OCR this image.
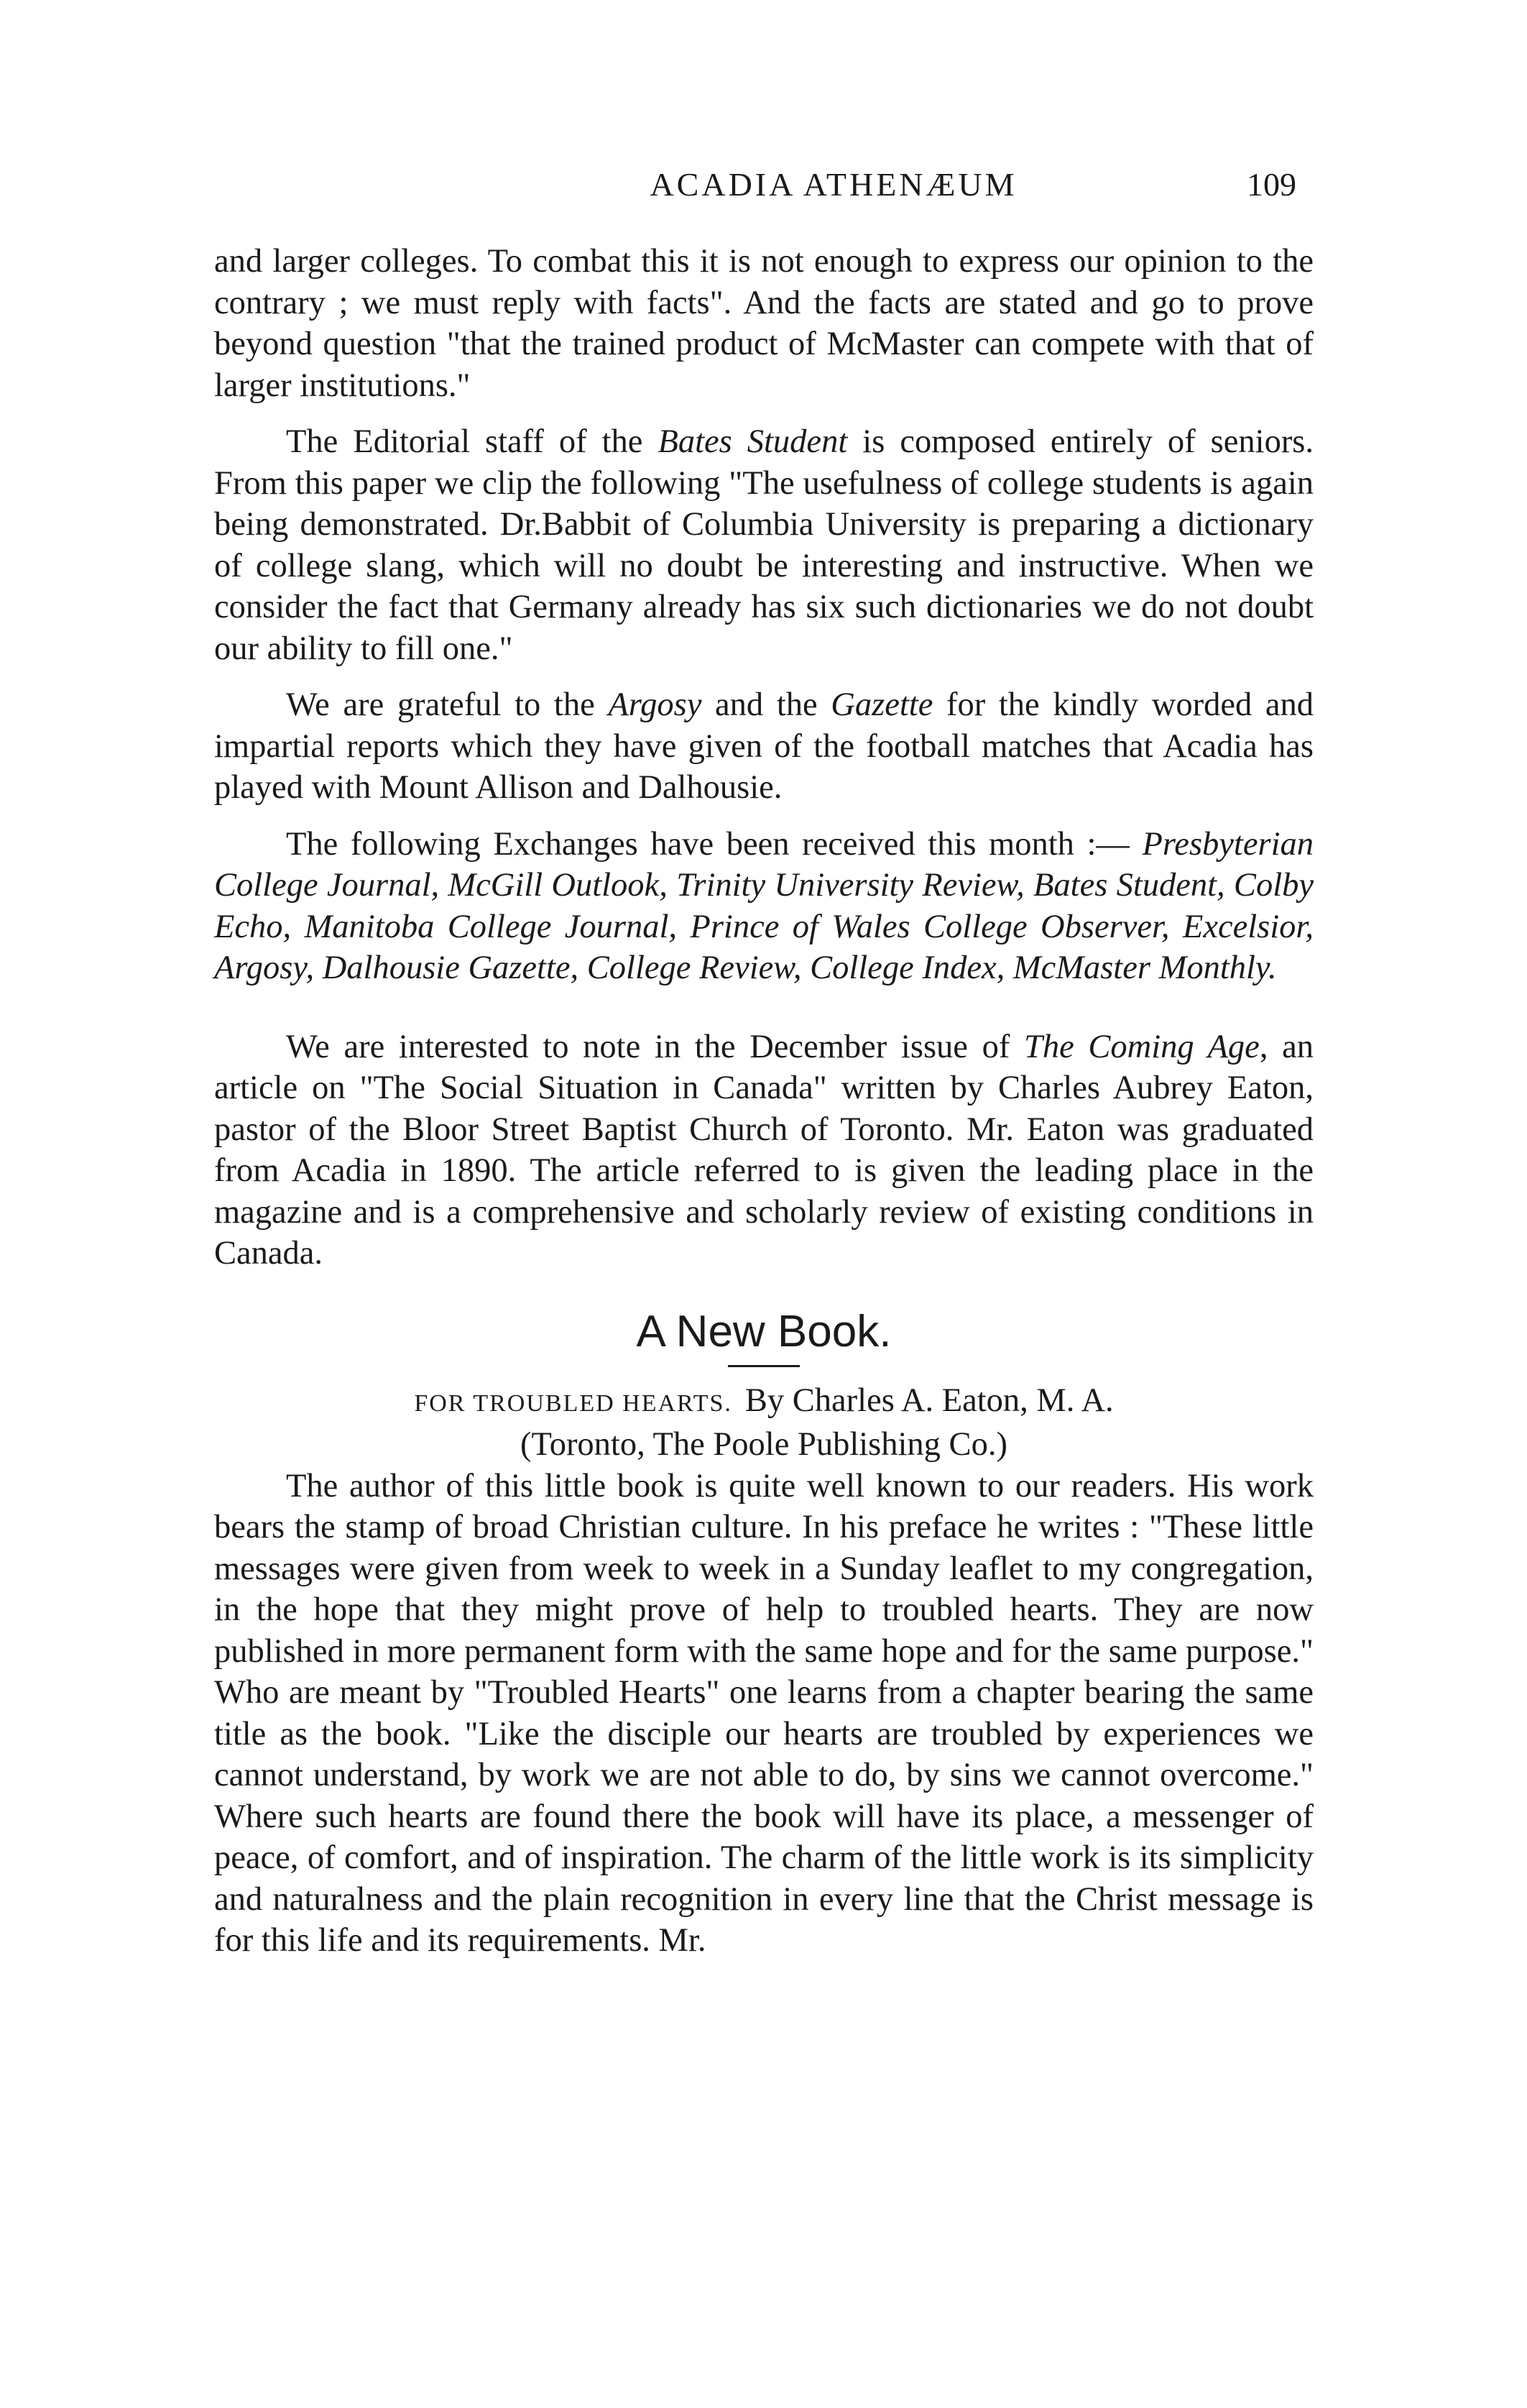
ACADIA ATHENÆUM	109

and larger colleges. To combat this it is not enough to express our opinion to the contrary ; we must reply with facts". And the facts are stated and go to prove beyond question "that the trained product of McMaster can compete with that of larger institutions."

The Editorial staff of the Bates Student is composed entirely of seniors. From this paper we clip the following "The usefulness of college students is again being demonstrated. Dr.Babbit of Columbia University is preparing a dictionary of college slang, which will no doubt be interesting and instructive. When we consider the fact that Germany already has six such dictionaries we do not doubt our ability to fill one."

We are grateful to the Argosy and the Gazette for the kindly worded and impartial reports which they have given of the football matches that Acadia has played with Mount Allison and Dalhousie.

The following Exchanges have been received this month :— Presbyterian College Journal, McGill Outlook, Trinity University Review, Bates Student, Colby Echo, Manitoba College Journal, Prince of Wales College Observer, Excelsior, Argosy, Dalhousie Gazette, College Review, College Index, McMaster Monthly.

We are interested to note in the December issue of The Coming Age, an article on "The Social Situation in Canada" written by Charles Aubrey Eaton, pastor of the Bloor Street Baptist Church of Toronto. Mr. Eaton was graduated from Acadia in 1890. The article referred to is given the leading place in the magazine and is a comprehensive and scholarly review of existing conditions in Canada.

A New Book.
FOR TROUBLED HEARTS. By Charles A. Eaton, M. A.
(Toronto, The Poole Publishing Co.)

The author of this little book is quite well known to our readers. His work bears the stamp of broad Christian culture. In his preface he writes : "These little messages were given from week to week in a Sunday leaflet to my congregation, in the hope that they might prove of help to troubled hearts. They are now published in more permanent form with the same hope and for the same purpose." Who are meant by "Troubled Hearts" one learns from a chapter bearing the same title as the book. "Like the disciple our hearts are troubled by experiences we cannot understand, by work we are not able to do, by sins we cannot overcome." Where such hearts are found there the book will have its place, a messenger of peace, of comfort, and of inspiration. The charm of the little work is its simplicity and naturalness and the plain recognition in every line that the Christ message is for this life and its requirements. Mr.
